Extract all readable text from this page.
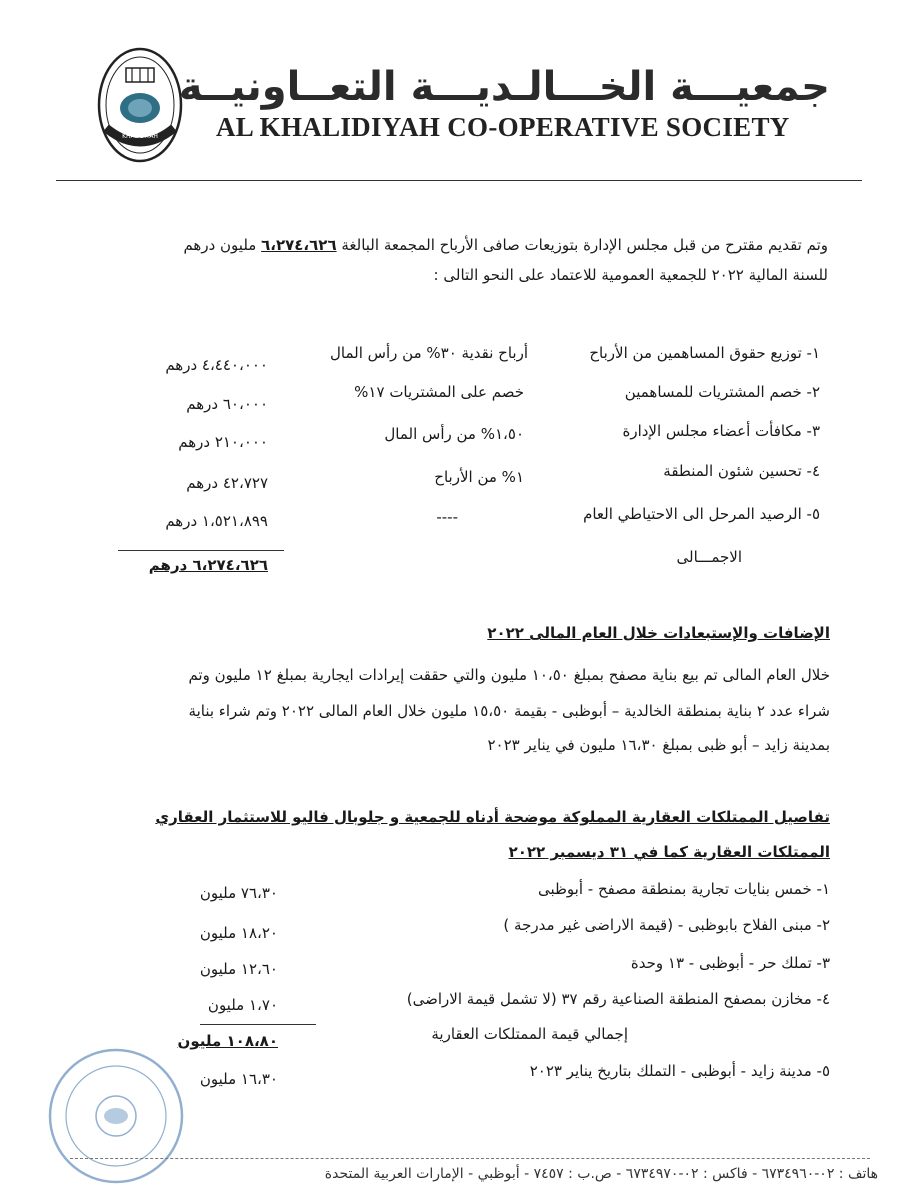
KHALIDIYAH
جمعيـــة الخـــالـديـــة التعــاونيــة
AL KHALIDIYAH CO-OPERATIVE SOCIETY
وتم تقديم مقترح من قبل مجلس الإدارة بتوزيعات صافى الأرباح المجمعة البالغة ٦،٢٧٤،٦٢٦ مليون درهم
للسنة المالية ٢٠٢٢ للجمعية العمومية للاعتماد على النحو التالى :
١- توزيع حقوق المساهمين من الأرباح
أرباح نقدية ٣٠% من رأس المال
٤،٤٤٠،٠٠٠ درهم
٢- خصم المشتريات للمساهمين
خصم على المشتريات ١٧%
٦٠،٠٠٠ درهم
٣- مكافأت أعضاء مجلس الإدارة
١،٥٠% من رأس المال
٢١٠،٠٠٠ درهم
٤- تحسين شئون المنطقة
١% من الأرباح
٤٢،٧٢٧ درهم
٥- الرصيد المرحل الى الاحتياطي العام
----
١،٥٢١،٨٩٩ درهم
الاجمـــالى
٦،٢٧٤،٦٢٦ درهم
الإضافات والإستبعادات خلال العام المالى ٢٠٢٢
خلال العام المالى تم بيع بناية مصفح بمبلغ ١٠،٥٠ مليون والتي حققت إيرادات ايجارية بمبلغ ١٢ مليون وتم
شراء عدد ٢ بناية بمنطقة الخالدية – أبوظبى - بقيمة ١٥،٥٠ مليون خلال العام المالى ٢٠٢٢ وتم شراء بناية
بمدينة زايد – أبو ظبى بمبلغ ١٦،٣٠ مليون في يناير ٢٠٢٣
تفاصيل الممتلكات العقارية المملوكة موضحة أدناه للجمعية و جلوبال فاليو للاستثمار العقاري
الممتلكات العقارية كما في ٣١ ديسمبر ٢٠٢٢
١- خمس بنايات تجارية بمنطقة مصفح - أبوظبى
٧٦،٣٠ مليون
٢- مبنى الفلاح بابوظبى - (قيمة الاراضى غير مدرجة )
١٨،٢٠ مليون
٣- تملك حر - أبوظبى - ١٣ وحدة
١٢،٦٠ مليون
٤- مخازن بمصفح المنطقة الصناعية رقم ٣٧ (لا تشمل قيمة الاراضى)
١،٧٠ مليون
إجمالي قيمة الممتلكات العقارية
١٠٨،٨٠ مليون
٥- مدينة زايد - أبوظبى - التملك بتاريخ يناير ٢٠٢٣
١٦،٣٠ مليون
هاتف : ٠٢-٦٧٣٤٩٦٠ - فاكس : ٠٢-٦٧٣٤٩٧٠ - ص.ب : ٧٤٥٧ - أبوظبي - الإمارات العربية المتحدة
